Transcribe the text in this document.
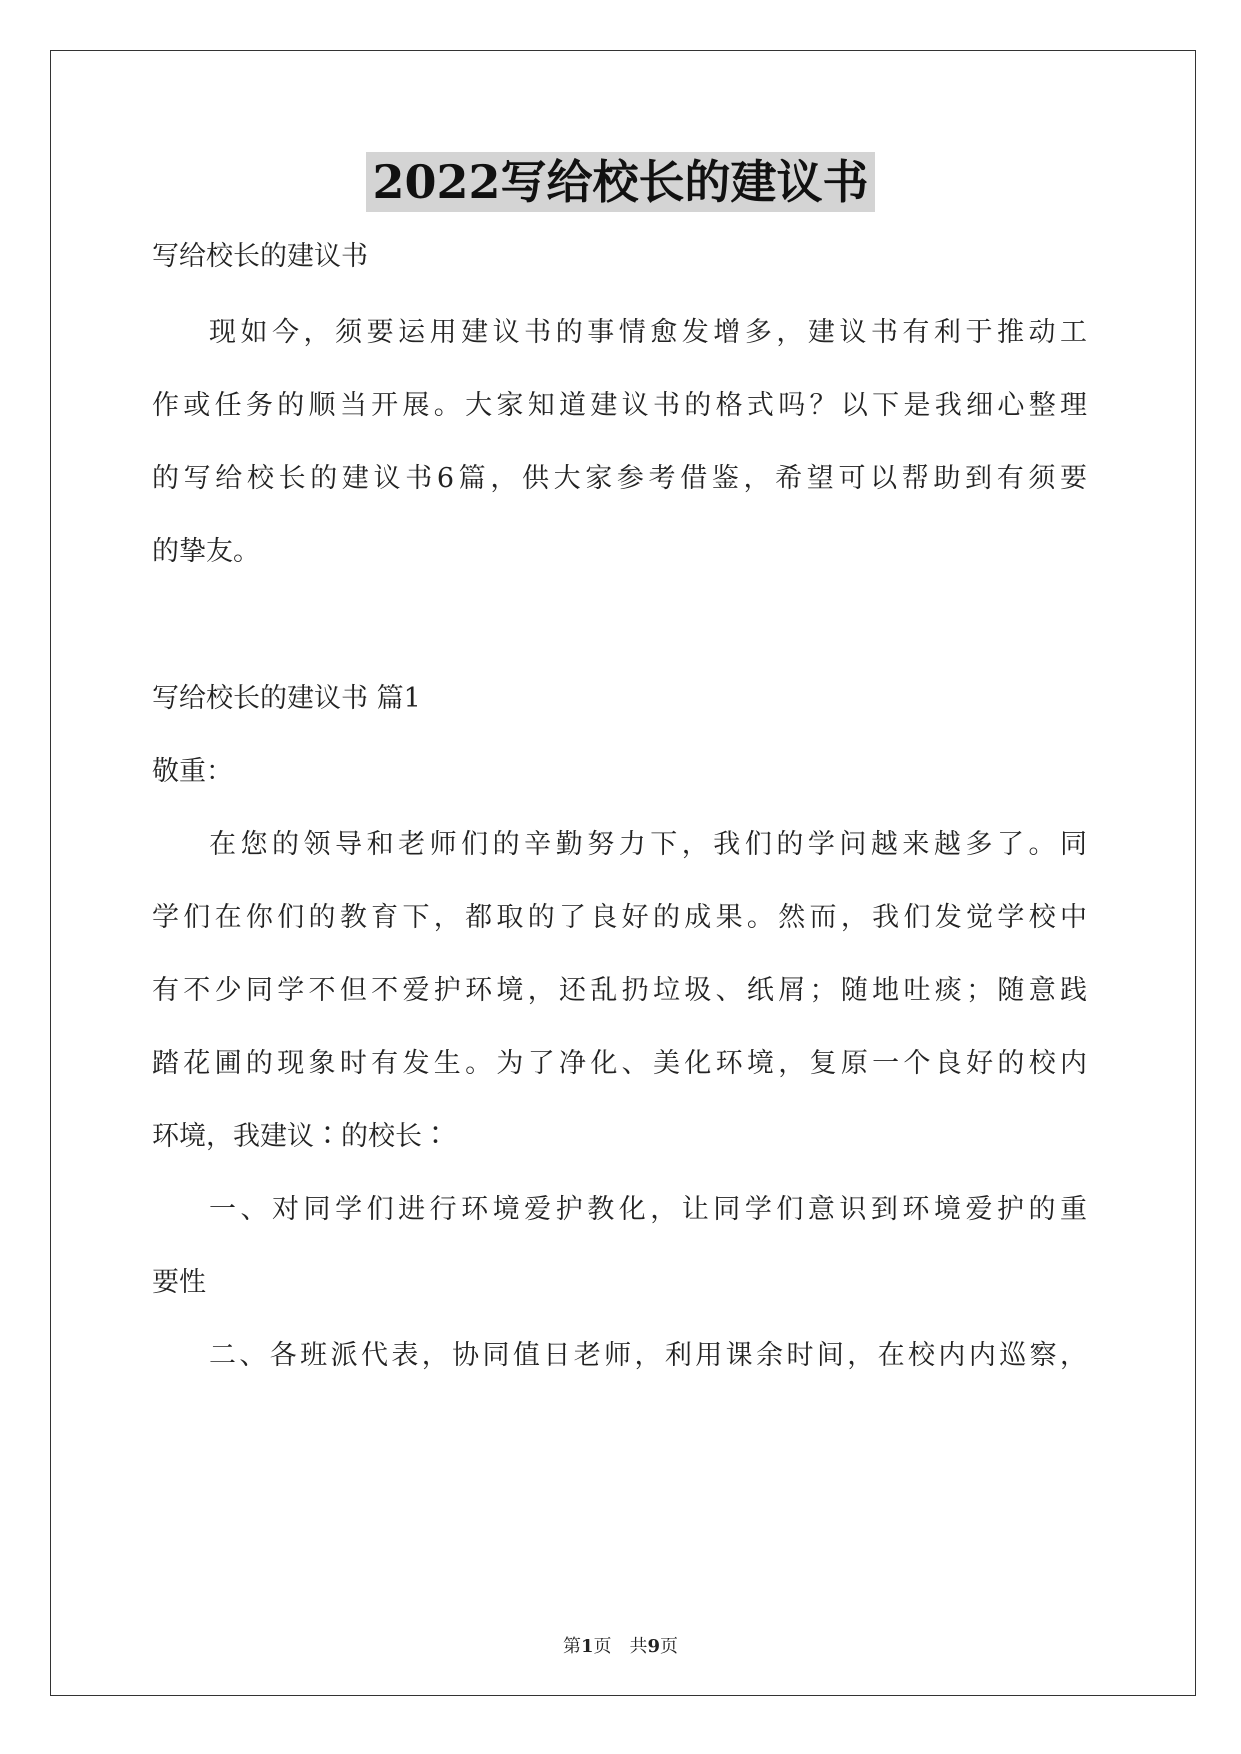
2022写给校长的建议书
写给校长的建议书
现如今，须要运用建议书的事情愈发增多，建议书有利于推动工
作或任务的顺当开展。大家知道建议书的格式吗？以下是我细心整理
的写给校长的建议书6篇，供大家参考借鉴，希望可以帮助到有须要
的挚友。
写给校长的建议书 篇1
敬重：
在您的领导和老师们的辛勤努力下，我们的学问越来越多了。同
学们在你们的教育下，都取的了良好的成果。然而，我们发觉学校中
有不少同学不但不爱护环境，还乱扔垃圾、纸屑；随地吐痰；随意践
踏花圃的现象时有发生。为了净化、美化环境，复原一个良好的校内
环境，我建议∶的校长∶
一、对同学们进行环境爱护教化，让同学们意识到环境爱护的重
要性
二、各班派代表，协同值日老师，利用课余时间，在校内内巡察，
第1页　共9页
